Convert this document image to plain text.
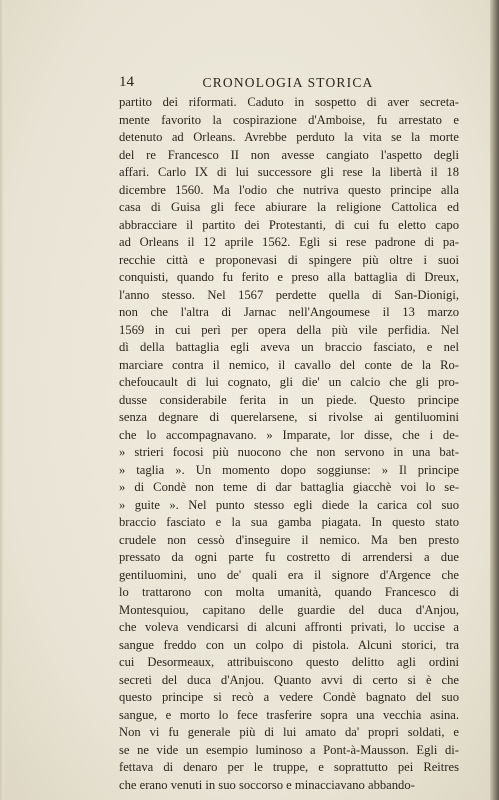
14	CRONOLOGIA STORICA
partito dei riformati. Caduto in sospetto di aver secreta-
mente favorito la cospirazione d'Amboise, fu arrestato e
detenuto ad Orleans. Avrebbe perduto la vita se la morte
del re Francesco II non avesse cangiato l'aspetto degli
affari. Carlo IX di lui successore gli rese la libertà il 18
dicembre 1560. Ma l'odio che nutriva questo principe alla
casa di Guisa gli fece abiurare la religione Cattolica ed
abbracciare il partito dei Protestanti, di cui fu eletto capo
ad Orleans il 12 aprile 1562. Egli si rese padrone di pa-
recchie città e proponevasi di spingere più oltre i suoi
conquisti, quando fu ferito e preso alla battaglia di Dreux,
l'anno stesso. Nel 1567 perdette quella di San-Dionigi,
non che l'altra di Jarnac nell'Angoumese il 13 marzo
1569 in cui perì per opera della più vile perfidia. Nel
dì della battaglia egli aveva un braccio fasciato, e nel
marciare contra il nemico, il cavallo del conte de la Ro-
chefoucault di lui cognato, gli die' un calcio che gli pro-
dusse considerabile ferita in un piede. Questo principe
senza degnare di querelarsene, si rivolse ai gentiluomini
che lo accompagnavano. » Imparate, lor disse, che i de-
» strieri focosi più nuocono che non servono in una bat-
» taglia ». Un momento dopo soggiunse: » Il principe
» di Condè non teme di dar battaglia giacchè voi lo se-
» guite ». Nel punto stesso egli diede la carica col suo
braccio fasciato e la sua gamba piagata. In questo stato
crudele non cessò d'inseguire il nemico. Ma ben presto
pressato da ogni parte fu costretto di arrendersi a due
gentiluomini, uno de' quali era il signore d'Argence che
lo trattarono con molta umanità, quando Francesco di
Montesquiou, capitano delle guardie del duca d'Anjou,
che voleva vendicarsi di alcuni affronti privati, lo uccise a
sangue freddo con un colpo di pistola. Alcuni storici, tra
cui Desormeaux, attribuiscono questo delitto agli ordini
secreti del duca d'Anjou. Quanto avvi di certo si è che
questo principe si recò a vedere Condè bagnato del suo
sangue, e morto lo fece trasferire sopra una vecchia asina.
Non vi fu generale più di lui amato da' propri soldati, e
se ne vide un esempio luminoso a Pont-à-Mausson. Egli di-
fettava di denaro per le truppe, e soprattutto pei Reitres
che erano venuti in suo soccorso e minacciavano abbando-
